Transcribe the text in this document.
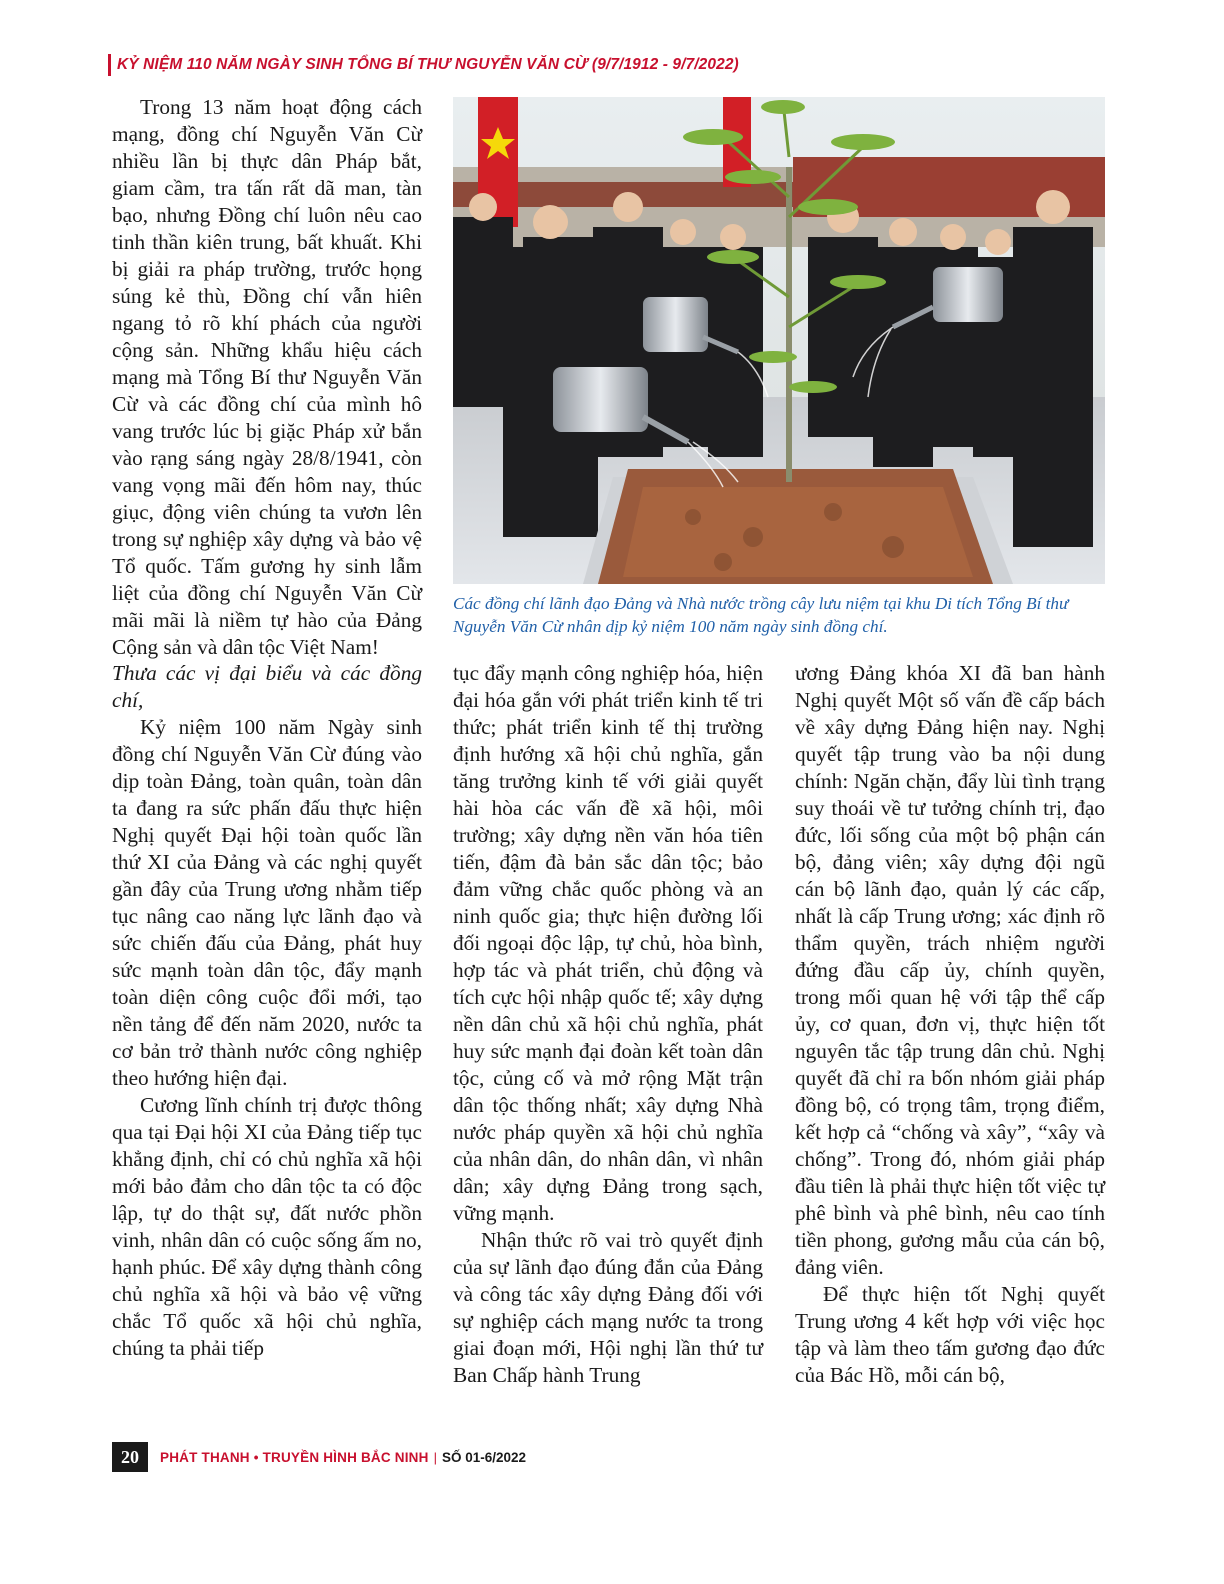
KỶ NIỆM 110 NĂM NGÀY SINH TỔNG BÍ THƯ NGUYỄN VĂN CỪ (9/7/1912 - 9/7/2022)

Trong 13 năm hoạt động cách mạng, đồng chí Nguyễn Văn Cừ nhiều lần bị thực dân Pháp bắt, giam cầm, tra tấn rất dã man, tàn bạo, nhưng Đồng chí luôn nêu cao tinh thần kiên trung, bất khuất. Khi bị giải ra pháp trường, trước họng súng kẻ thù, Đồng chí vẫn hiên ngang tỏ rõ khí phách của người cộng sản. Những khẩu hiệu cách mạng mà Tổng Bí thư Nguyễn Văn Cừ và các đồng chí của mình hô vang trước lúc bị giặc Pháp xử bắn vào rạng sáng ngày 28/8/1941, còn vang vọng mãi đến hôm nay, thúc giục, động viên chúng ta vươn lên trong sự nghiệp xây dựng và bảo vệ Tổ quốc. Tấm gương hy sinh lẫm liệt của đồng chí Nguyễn Văn Cừ mãi mãi là niềm tự hào của Đảng Cộng sản và dân tộc Việt Nam!

Các đồng chí lãnh đạo Đảng và Nhà nước trồng cây lưu niệm tại khu Di tích Tổng Bí thư Nguyễn Văn Cừ nhân dịp kỷ niệm 100 năm ngày sinh đồng chí.

Thưa các vị đại biểu và các đồng chí,

Kỷ niệm 100 năm Ngày sinh đồng chí Nguyễn Văn Cừ đúng vào dịp toàn Đảng, toàn quân, toàn dân ta đang ra sức phấn đấu thực hiện Nghị quyết Đại hội toàn quốc lần thứ XI của Đảng và các nghị quyết gần đây của Trung ương nhằm tiếp tục nâng cao năng lực lãnh đạo và sức chiến đấu của Đảng, phát huy sức mạnh toàn dân tộc, đẩy mạnh toàn diện công cuộc đổi mới, tạo nền tảng để đến năm 2020, nước ta cơ bản trở thành nước công nghiệp theo hướng hiện đại.

Cương lĩnh chính trị được thông qua tại Đại hội XI của Đảng tiếp tục khẳng định, chỉ có chủ nghĩa xã hội mới bảo đảm cho dân tộc ta có độc lập, tự do thật sự, đất nước phồn vinh, nhân dân có cuộc sống ấm no, hạnh phúc. Để xây dựng thành công chủ nghĩa xã hội và bảo vệ vững chắc Tổ quốc xã hội chủ nghĩa, chúng ta phải tiếp

tục đẩy mạnh công nghiệp hóa, hiện đại hóa gắn với phát triển kinh tế tri thức; phát triển kinh tế thị trường định hướng xã hội chủ nghĩa, gắn tăng trưởng kinh tế với giải quyết hài hòa các vấn đề xã hội, môi trường; xây dựng nền văn hóa tiên tiến, đậm đà bản sắc dân tộc; bảo đảm vững chắc quốc phòng và an ninh quốc gia; thực hiện đường lối đối ngoại độc lập, tự chủ, hòa bình, hợp tác và phát triển, chủ động và tích cực hội nhập quốc tế; xây dựng nền dân chủ xã hội chủ nghĩa, phát huy sức mạnh đại đoàn kết toàn dân tộc, củng cố và mở rộng Mặt trận dân tộc thống nhất; xây dựng Nhà nước pháp quyền xã hội chủ nghĩa của nhân dân, do nhân dân, vì nhân dân; xây dựng Đảng trong sạch, vững mạnh.

Nhận thức rõ vai trò quyết định của sự lãnh đạo đúng đắn của Đảng và công tác xây dựng Đảng đối với sự nghiệp cách mạng nước ta trong giai đoạn mới, Hội nghị lần thứ tư Ban Chấp hành Trung

ương Đảng khóa XI đã ban hành Nghị quyết Một số vấn đề cấp bách về xây dựng Đảng hiện nay. Nghị quyết tập trung vào ba nội dung chính: Ngăn chặn, đẩy lùi tình trạng suy thoái về tư tưởng chính trị, đạo đức, lối sống của một bộ phận cán bộ, đảng viên; xây dựng đội ngũ cán bộ lãnh đạo, quản lý các cấp, nhất là cấp Trung ương; xác định rõ thẩm quyền, trách nhiệm người đứng đầu cấp ủy, chính quyền, trong mối quan hệ với tập thể cấp ủy, cơ quan, đơn vị, thực hiện tốt nguyên tắc tập trung dân chủ. Nghị quyết đã chỉ ra bốn nhóm giải pháp đồng bộ, có trọng tâm, trọng điểm, kết hợp cả “chống và xây”, “xây và chống”. Trong đó, nhóm giải pháp đầu tiên là phải thực hiện tốt việc tự phê bình và phê bình, nêu cao tính tiền phong, gương mẫu của cán bộ, đảng viên.

Để thực hiện tốt Nghị quyết Trung ương 4 kết hợp với việc học tập và làm theo tấm gương đạo đức của Bác Hồ, mỗi cán bộ,

20	PHÁT THANH • TRUYỀN HÌNH BẮC NINH | SỐ 01-6/2022
